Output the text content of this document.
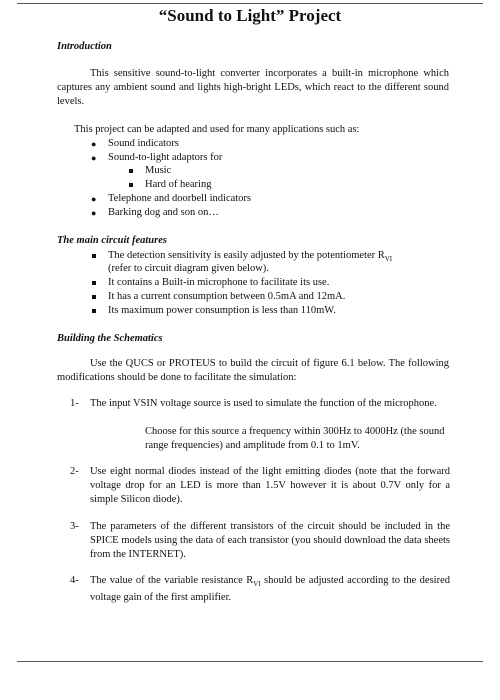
“Sound to Light” Project

Introduction

This sensitive sound-to-light converter incorporates a built-in microphone which captures any ambient sound and lights high-bright LEDs, which react to the different sound levels.

This project can be adapted and used for many applications such as:

● Sound indicators

● Sound-to-light adaptors for

Music

Hard of hearing

● Telephone and doorbell indicators

● Barking dog and son on…

The main circuit features

The detection sensitivity is easily adjusted by the potentiometer $R_{VI}$

(refer to circuit diagram given below).

It contains a Built-in microphone to facilitate its use.

It has a current consumption between 0.5mA and 12mA.

Its maximum power consumption is less than 110mW.

Building the Schematics

Use the QUCS or PROTEUS to build the circuit of figure 6.1 below. The following modifications should be done to facilitate the simulation:

1- The input VSIN voltage source is used to simulate the function of the microphone.
Choose for this source a frequency within 300Hz to 4000Hz (the sound range frequencies) and amplitude from 0.1 to 1mV.
2- Use eight normal diodes instead of the light emitting diodes (note that the forward voltage drop for an LED is more than 1.5V however it is about 0.7V only for a simple Silicon diode).
3- The parameters of the different transistors of the circuit should be included in the SPICE models using the data of each transistor (you should download the data sheets from the INTERNET).
4- The value of the variable resistance $R_{VI}$ should be adjusted according to the desired voltage gain of the first amplifier.
